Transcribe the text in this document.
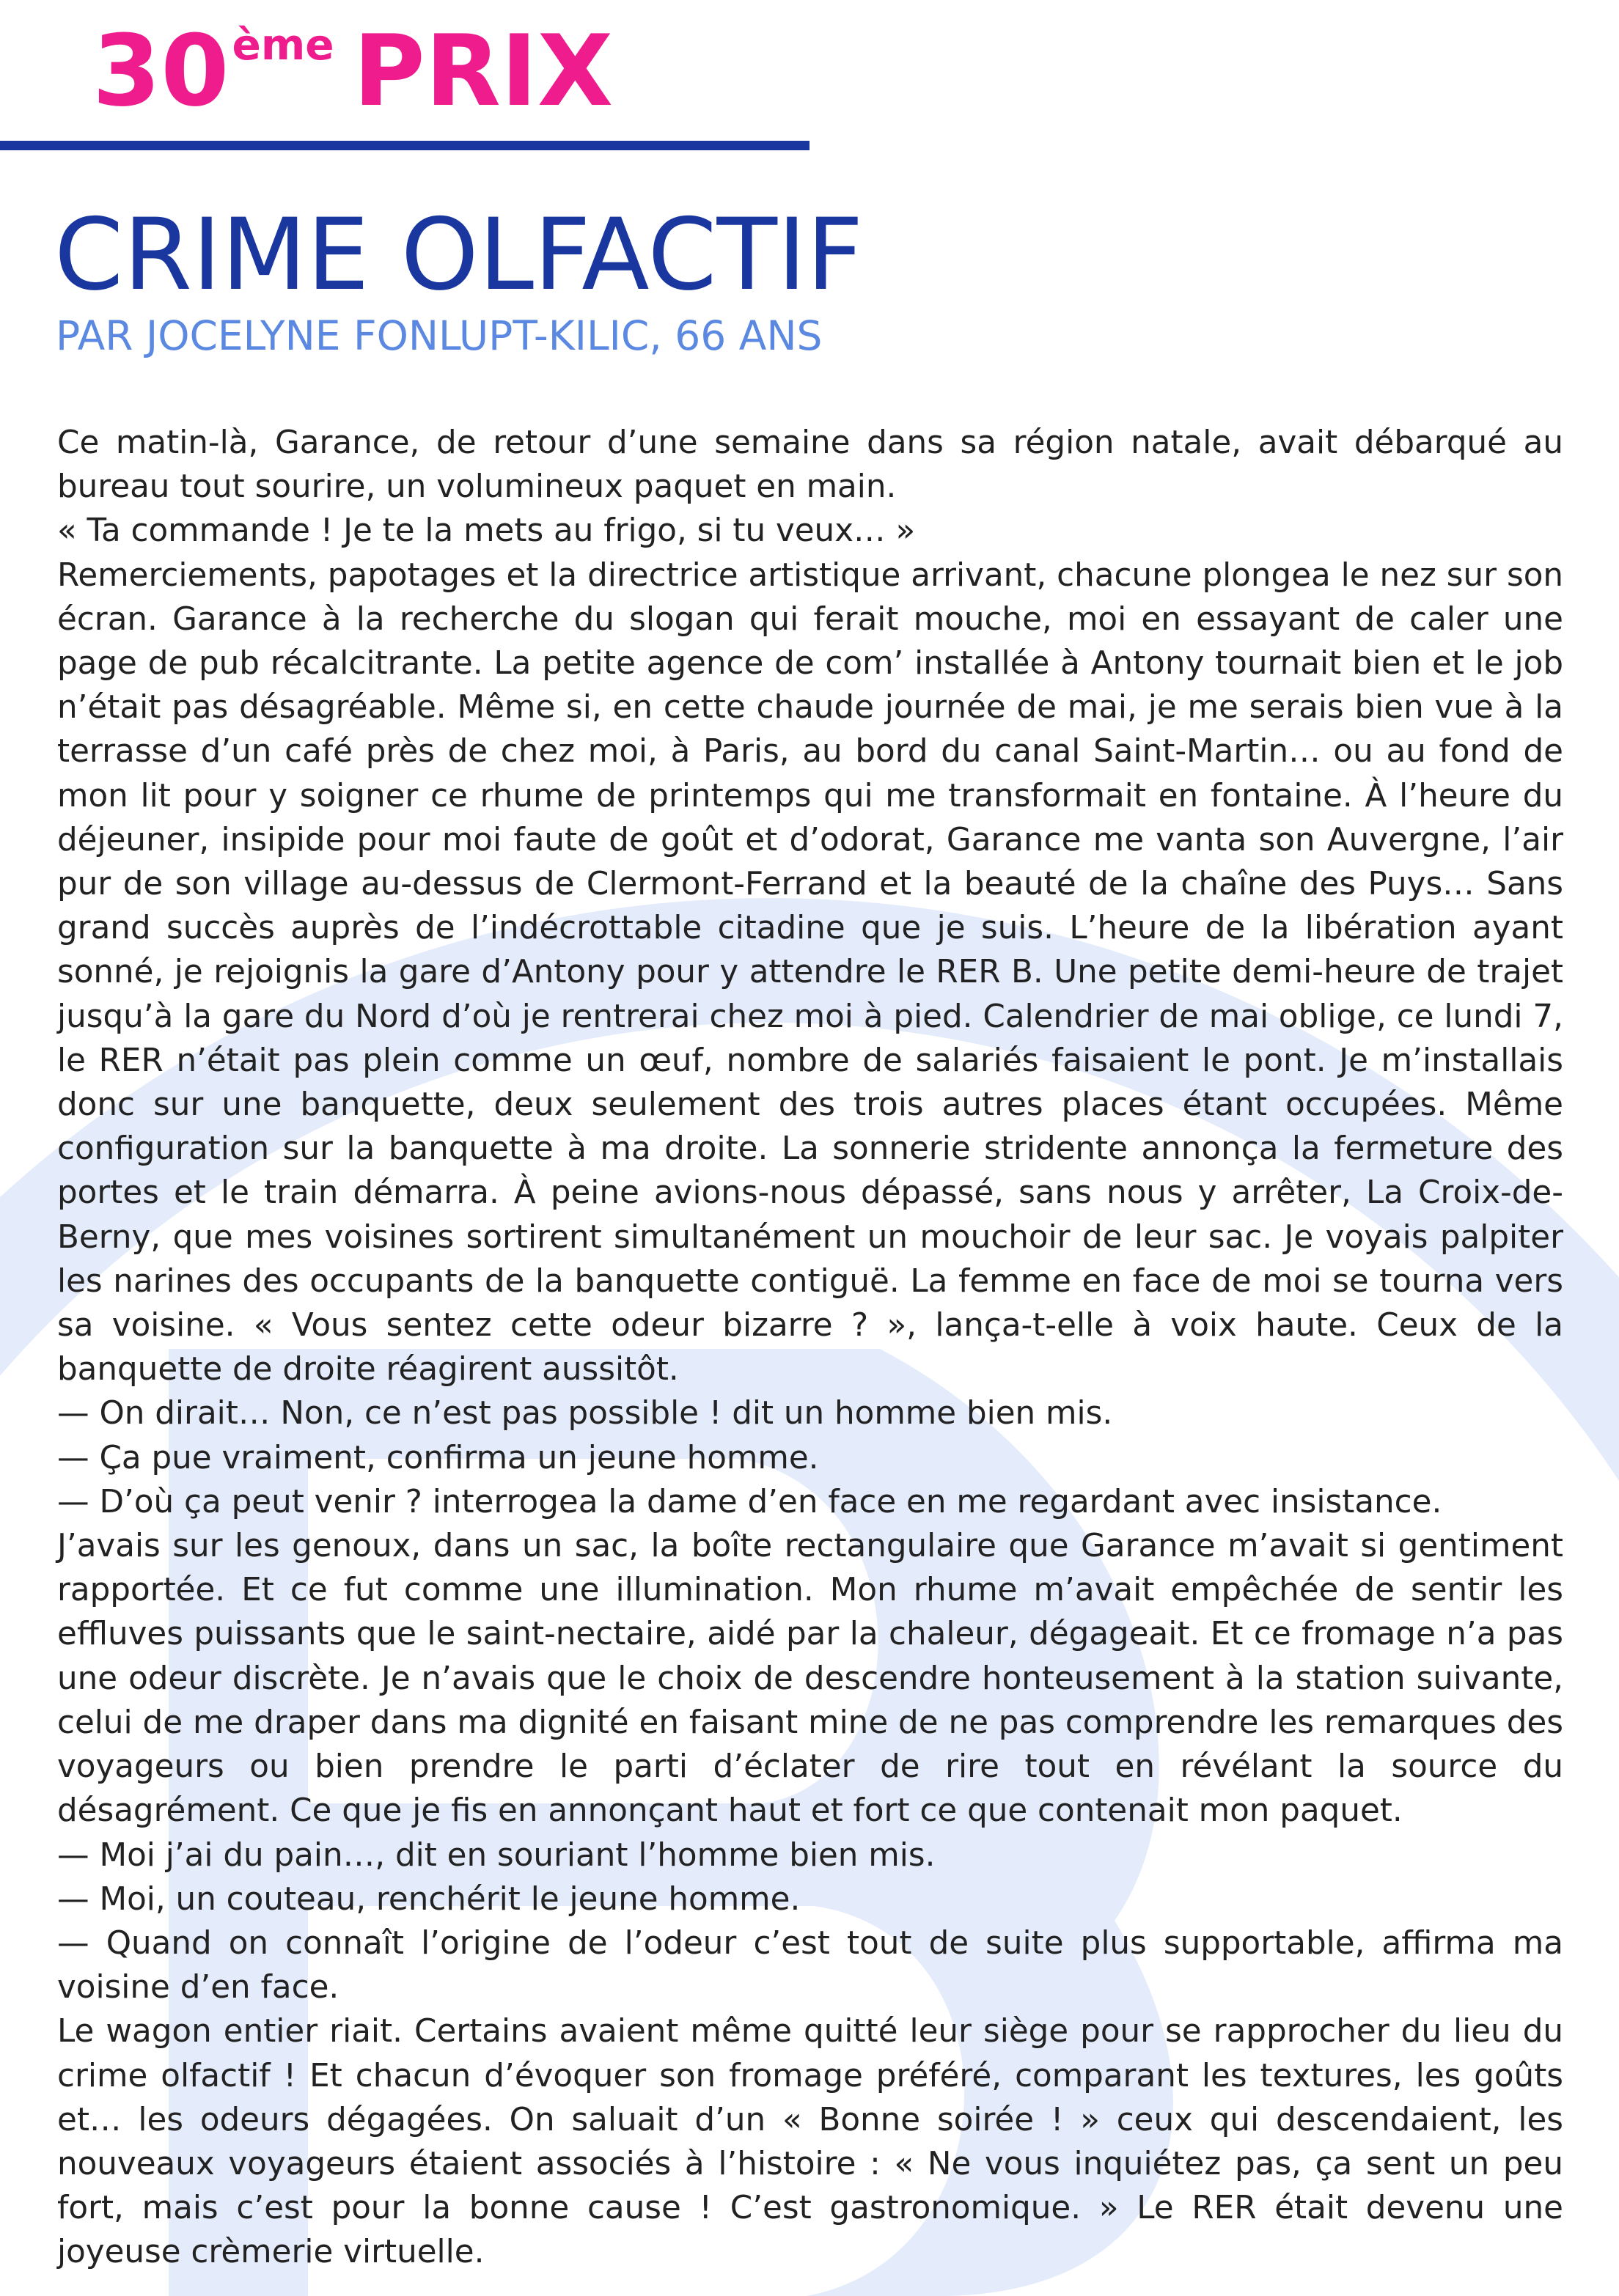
30ème PRIX
CRIME OLFACTIF
PAR JOCELYNE FONLUPT-KILIC, 66 ANS

Ce matin-là, Garance, de retour d’une semaine dans sa région natale, avait débarqué au bureau tout sourire, un volumineux paquet en main.

« Ta commande ! Je te la mets au frigo, si tu veux… »

Remerciements, papotages et la directrice artistique arrivant, chacune plongea le nez sur son écran. Garance à la recherche du slogan qui ferait mouche, moi en essayant de caler une page de pub récalcitrante. La petite agence de com’ installée à Antony tournait bien et le job n’était pas désagréable. Même si, en cette chaude journée de mai, je me serais bien vue à la terrasse d’un café près de chez moi, à Paris, au bord du canal Saint-Martin… ou au fond de mon lit pour y soigner ce rhume de printemps qui me transformait en fontaine. À l’heure du déjeuner, insipide pour moi faute de goût et d’odorat, Garance me vanta son Auvergne, l’air pur de son village au-dessus de Clermont-Ferrand et la beauté de la chaîne des Puys… Sans grand succès auprès de l’indécrottable citadine que je suis. L’heure de la libération ayant sonné, je rejoignis la gare d’Antony pour y attendre le RER B. Une petite demi-heure de trajet jusqu’à la gare du Nord d’où je rentrerai chez moi à pied. Calendrier de mai oblige, ce lundi 7, le RER n’était pas plein comme un œuf, nombre de salariés faisaient le pont. Je m’installais donc sur une banquette, deux seulement des trois autres places étant occupées. Même configuration sur la banquette à ma droite. La sonnerie stridente annonça la fermeture des portes et le train démarra. À peine avions-nous dépassé, sans nous y arrêter, La Croix-de-Berny, que mes voisines sortirent simultanément un mouchoir de leur sac. Je voyais palpiter les narines des occupants de la banquette contiguë. La femme en face de moi se tourna vers sa voisine. « Vous sentez cette odeur bizarre ? », lança-t-elle à voix haute. Ceux de la banquette de droite réagirent aussitôt.

— On dirait… Non, ce n’est pas possible ! dit un homme bien mis.

— Ça pue vraiment, confirma un jeune homme.

— D’où ça peut venir ? interrogea la dame d’en face en me regardant avec insistance.

J’avais sur les genoux, dans un sac, la boîte rectangulaire que Garance m’avait si gentiment rapportée. Et ce fut comme une illumination. Mon rhume m’avait empêchée de sentir les effluves puissants que le saint-nectaire, aidé par la chaleur, dégageait. Et ce fromage n’a pas une odeur discrète. Je n’avais que le choix de descendre honteusement à la station suivante, celui de me draper dans ma dignité en faisant mine de ne pas comprendre les remarques des voyageurs ou bien prendre le parti d’éclater de rire tout en révélant la source du désagrément. Ce que je fis en annonçant haut et fort ce que contenait mon paquet.

— Moi j’ai du pain…, dit en souriant l’homme bien mis.

— Moi, un couteau, renchérit le jeune homme.

— Quand on connaît l’origine de l’odeur c’est tout de suite plus supportable, affirma ma voisine d’en face.

Le wagon entier riait. Certains avaient même quitté leur siège pour se rapprocher du lieu du crime olfactif ! Et chacun d’évoquer son fromage préféré, comparant les textures, les goûts et… les odeurs dégagées. On saluait d’un « Bonne soirée ! » ceux qui descendaient, les nouveaux voyageurs étaient associés à l’histoire : « Ne vous inquiétez pas, ça sent un peu fort, mais c’est pour la bonne cause ! C’est gastronomique. » Le RER était devenu une joyeuse crèmerie virtuelle.
